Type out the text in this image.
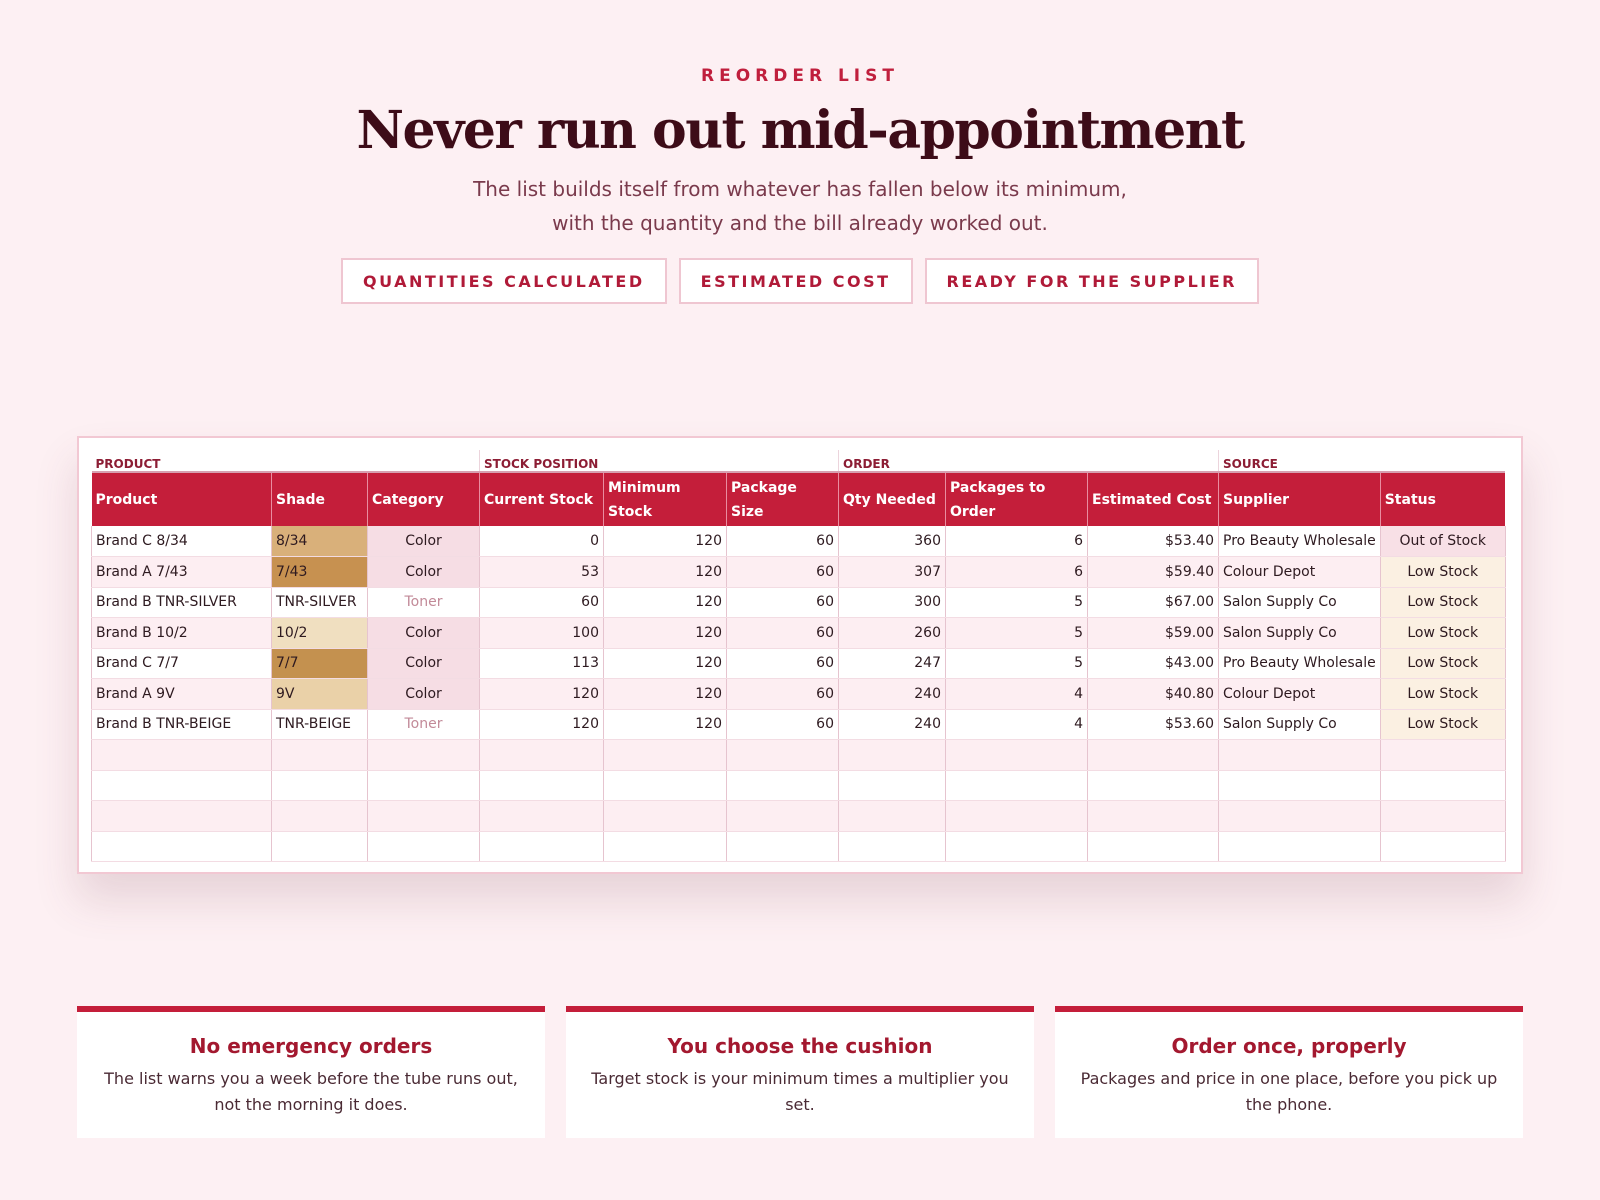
REORDER LIST
Never run out mid-appointment
The list builds itself from whatever has fallen below its minimum, with the quantity and the bill already worked out.
QUANTITIES CALCULATED	ESTIMATED COST	READY FOR THE SUPPLIER
PRODUCT			STOCK POSITION			ORDER			SOURCE	
Product	Shade	Category	Current Stock	Minimum Stock	Package Size	Qty Needed	Packages to Order	Estimated Cost	Supplier	Status
Brand C 8/34	8/34	Color	0	120	60	360	6	$53.40	Pro Beauty Wholesale	Out of Stock
Brand A 7/43	7/43	Color	53	120	60	307	6	$59.40	Colour Depot	Low Stock
Brand B TNR-SILVER	TNR-SILVER	Toner	60	120	60	300	5	$67.00	Salon Supply Co	Low Stock
Brand B 10/2	10/2	Color	100	120	60	260	5	$59.00	Salon Supply Co	Low Stock
Brand C 7/7	7/7	Color	113	120	60	247	5	$43.00	Pro Beauty Wholesale	Low Stock
Brand A 9V	9V	Color	120	120	60	240	4	$40.80	Colour Depot	Low Stock
Brand B TNR-BEIGE	TNR-BEIGE	Toner	120	120	60	240	4	$53.60	Salon Supply Co	Low Stock

No emergency orders
The list warns you a week before the tube runs out, not the morning it does.
You choose the cushion
Target stock is your minimum times a multiplier you set.
Order once, properly
Packages and price in one place, before you pick up the phone.
